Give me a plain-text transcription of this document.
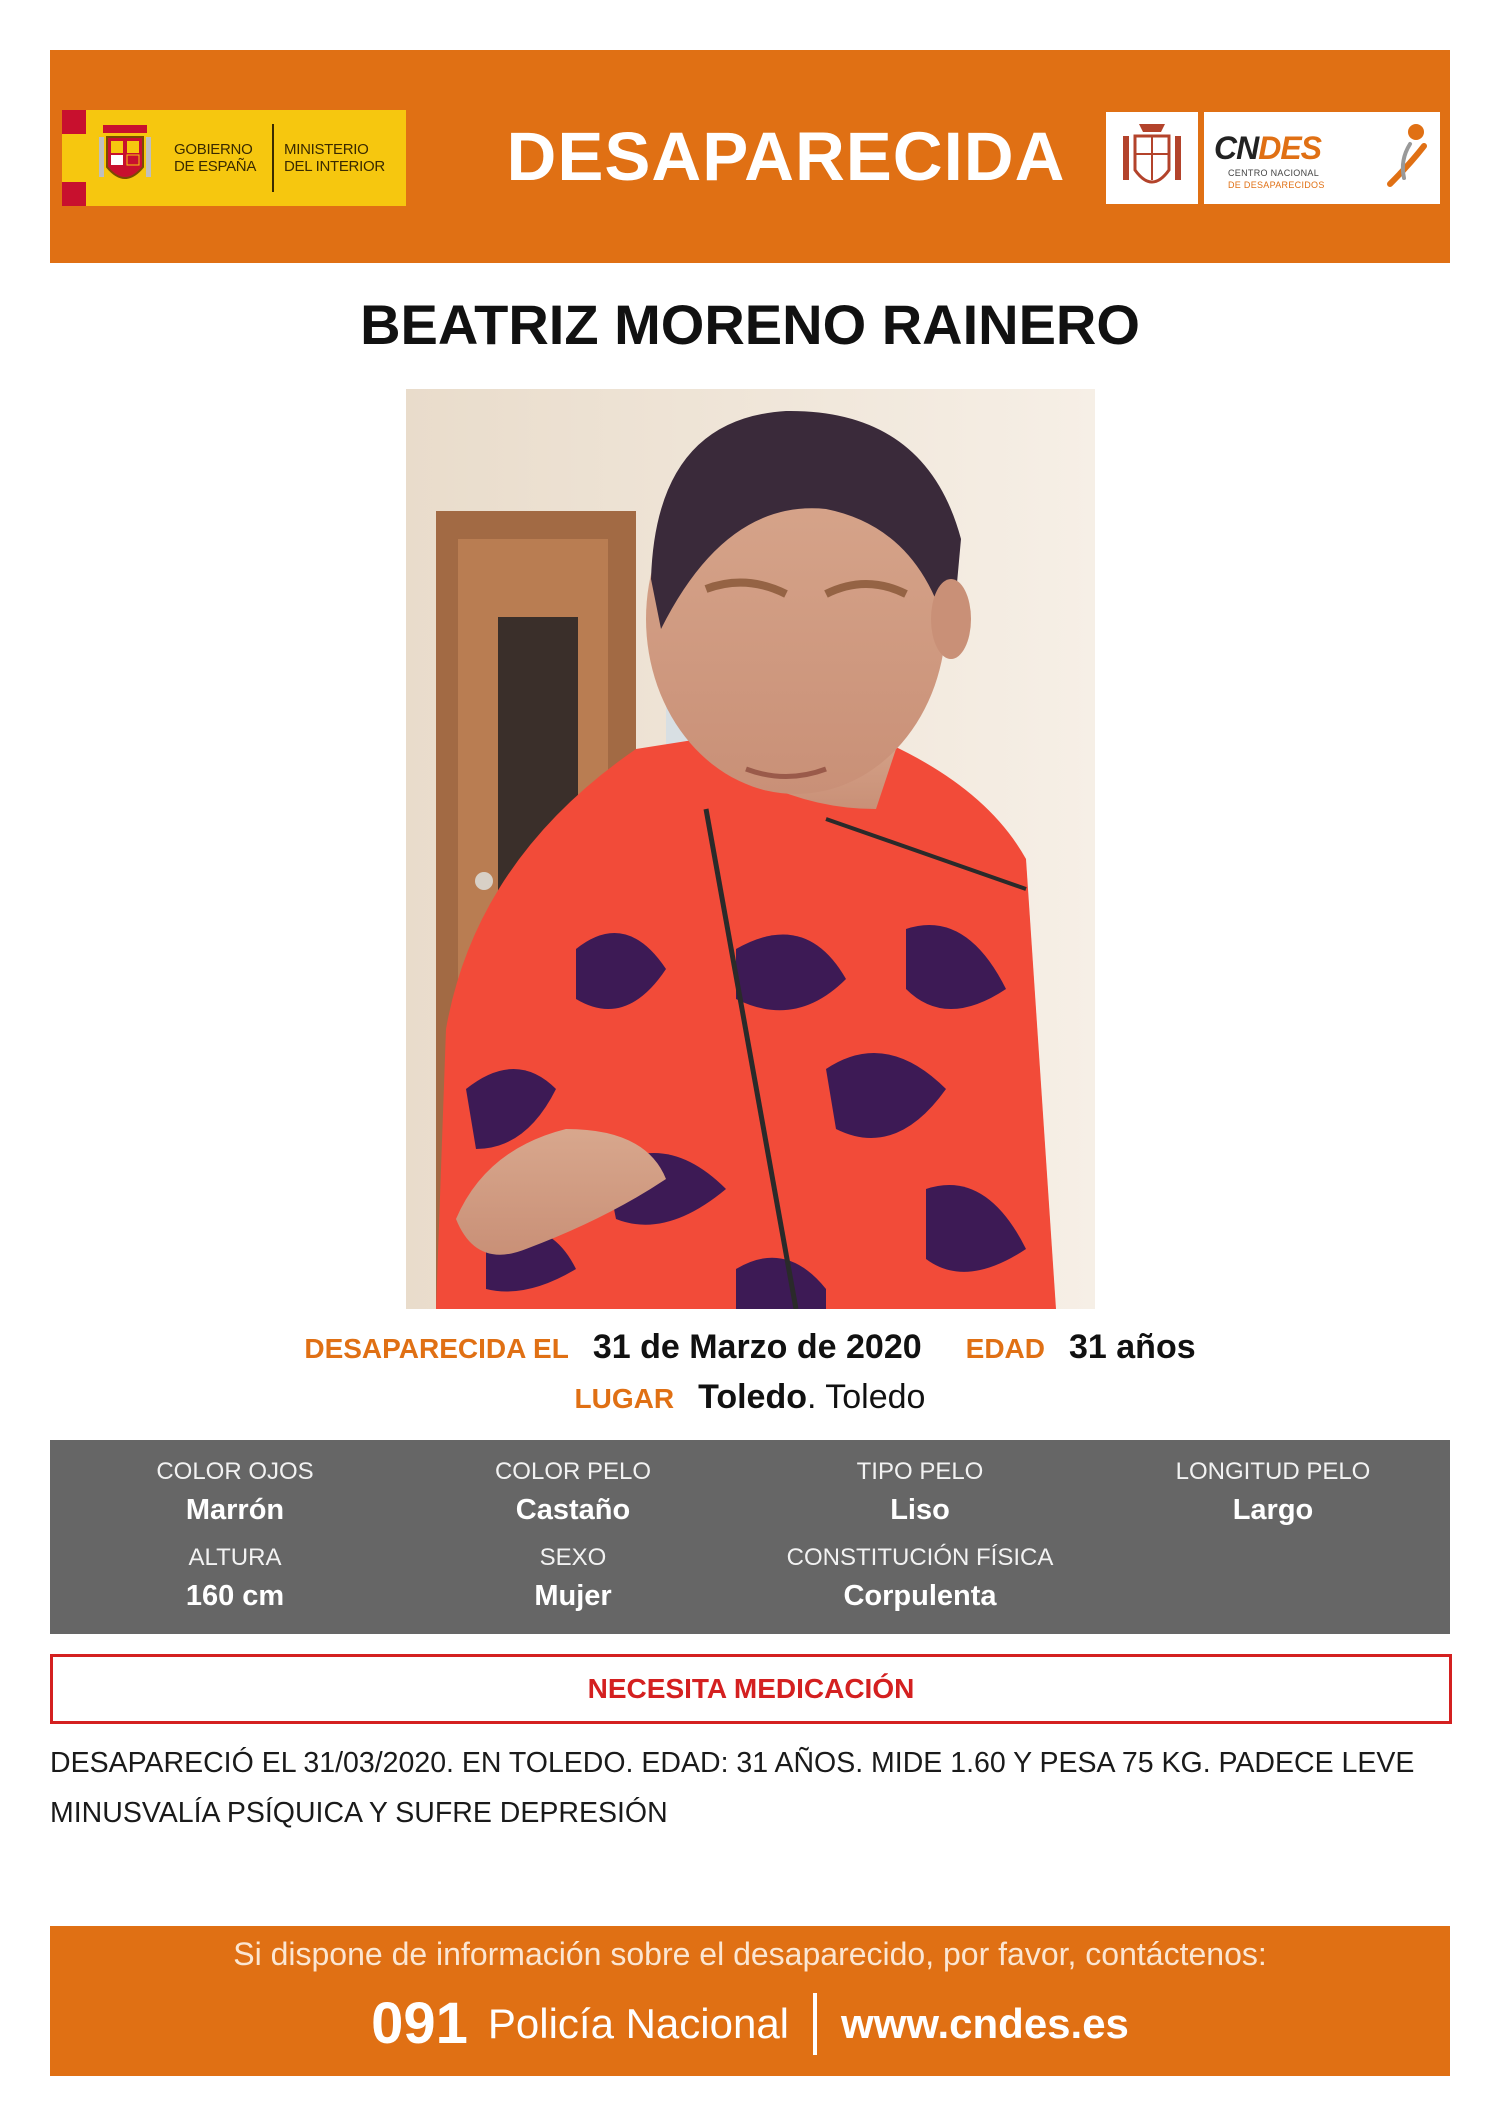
GOBIERNO DE ESPAÑA
MINISTERIO DEL INTERIOR	DESAPARECIDA	CNDES
CENTRO NACIONAL
DE DESAPARECIDOS
BEATRIZ MORENO RAINERO
DESAPARECIDA EL 31 de Marzo de 2020 EDAD 31 años
LUGAR Toledo . Toledo
COLOR OJOS
Marrón
COLOR PELO
Castaño
TIPO PELO
Liso
LONGITUD PELO
Largo
ALTURA
160 cm
SEXO
Mujer
CONSTITUCIÓN FÍSICA
Corpulenta
NECESITA MEDICACIÓN
DESAPARECIÓ EL 31/03/2020. EN TOLEDO. EDAD: 31 AÑOS. MIDE 1.60 Y PESA 75 KG. PADECE LEVE MINUSVALÍA PSÍQUICA Y SUFRE DEPRESIÓN
Si dispone de información sobre el desaparecido, por favor, contáctenos:
091 Policía Nacional www.cndes.es
